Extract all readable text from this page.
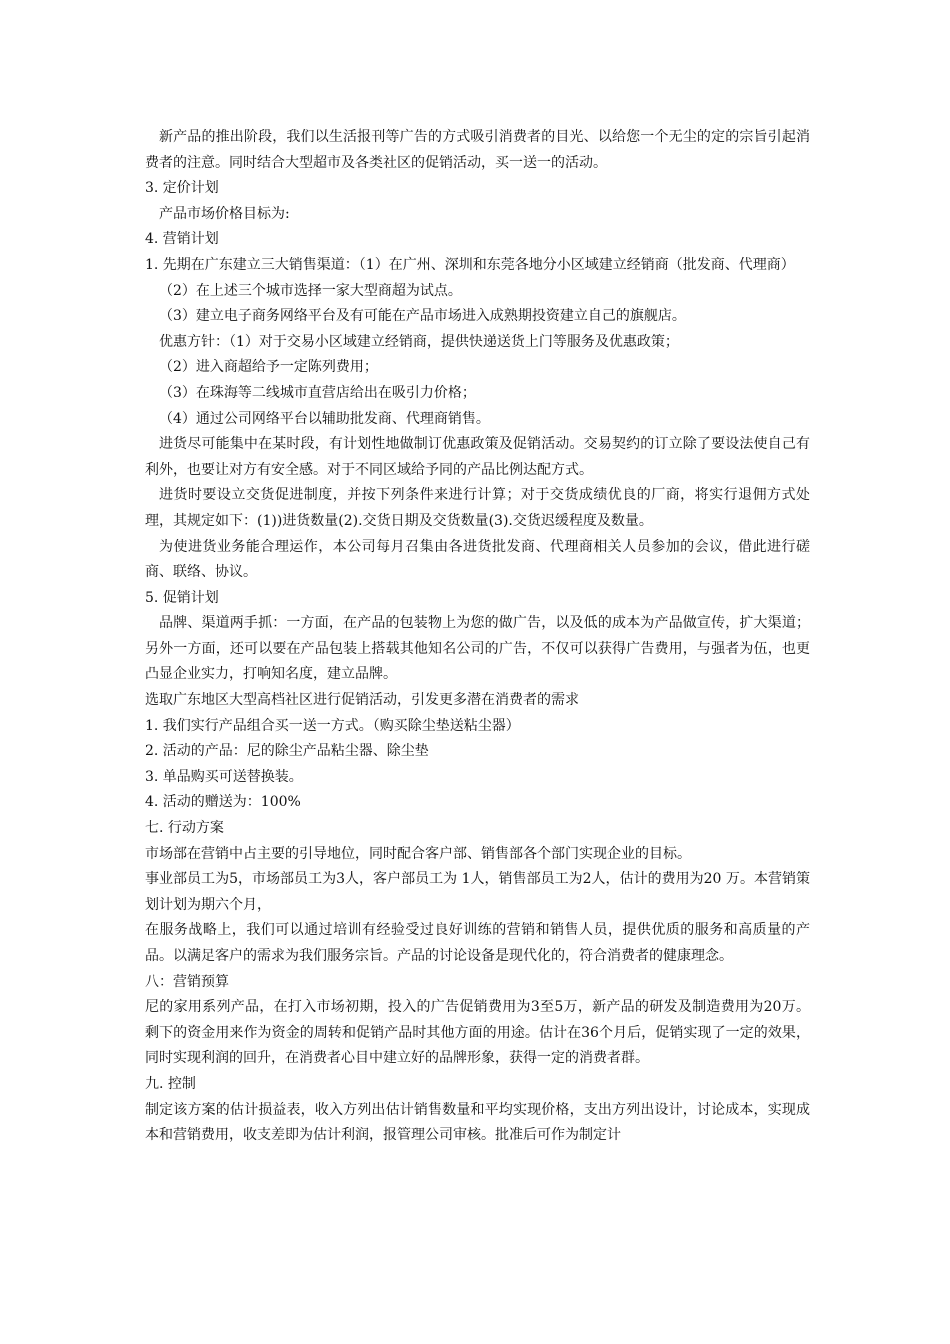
新产品的推出阶段，我们以生活报刊等广告的方式吸引消费者的目光、以给您一个无尘的定的宗旨引起消费者的注意。同时结合大型超市及各类社区的促销活动，买一送一的活动。

3. 定价计划

产品市场价格目标为:

4. 营销计划

1. 先期在广东建立三大销售渠道：（1）在广州、深圳和东莞各地分小区域建立经销商（批发商、代理商）

（2）在上述三个城市选择一家大型商超为试点。

（3）建立电子商务网络平台及有可能在产品市场进入成熟期投资建立自己的旗舰店。

优惠方针：（1）对于交易小区域建立经销商，提供快递送货上门等服务及优惠政策；

（2）进入商超给予一定陈列费用；

（3）在珠海等二线城市直营店给出在吸引力价格；

（4）通过公司网络平台以辅助批发商、代理商销售。

进货尽可能集中在某时段，有计划性地做制订优惠政策及促销活动。交易契约的订立除了要设法使自己有利外，也要让对方有安全感。对于不同区域给予同的产品比例达配方式。

进货时要设立交货促进制度，并按下列条件来进行计算；对于交货成绩优良的厂商，将实行退佣方式处理，其规定如下：(1))进货数量(2).交货日期及交货数量(3).交货迟缓程度及数量。

为使进货业务能合理运作，本公司每月召集由各进货批发商、代理商相关人员参加的会议，借此进行磋商、联络、协议。

5. 促销计划

品牌、渠道两手抓：一方面，在产品的包装物上为您的做广告，以及低的成本为产品做宣传，扩大渠道；另外一方面，还可以要在产品包装上搭载其他知名公司的广告，不仅可以获得广告费用，与强者为伍，也更凸显企业实力，打响知名度，建立品牌。

选取广东地区大型高档社区进行促销活动，引发更多潜在消费者的需求

1. 我们实行产品组合买一送一方式。（购买除尘垫送粘尘器）

2. 活动的产品：尼的除尘产品粘尘器、除尘垫

3. 单品购买可送替换装。

4. 活动的赠送为：100%

七. 行动方案

市场部在营销中占主要的引导地位，同时配合客户部、销售部各个部门实现企业的目标。

事业部员工为5，市场部员工为3人，客户部员工为 1人，销售部员工为2人，估计的费用为20 万。本营销策划计划为期六个月，

在服务战略上，我们可以通过培训有经验受过良好训练的营销和销售人员，提供优质的服务和高质量的产品。以满足客户的需求为我们服务宗旨。产品的讨论设备是现代化的，符合消费者的健康理念。

八：营销预算

尼的家用系列产品，在打入市场初期，投入的广告促销费用为3至5万，新产品的研发及制造费用为20万。剩下的资金用来作为资金的周转和促销产品时其他方面的用途。估计在36个月后，促销实现了一定的效果，同时实现利润的回升，在消费者心目中建立好的品牌形象，获得一定的消费者群。

九. 控制

制定该方案的估计损益表，收入方列出估计销售数量和平均实现价格，支出方列出设计，讨论成本，实现成本和营销费用，收支差即为估计利润，报管理公司审核。批准后可作为制定计
